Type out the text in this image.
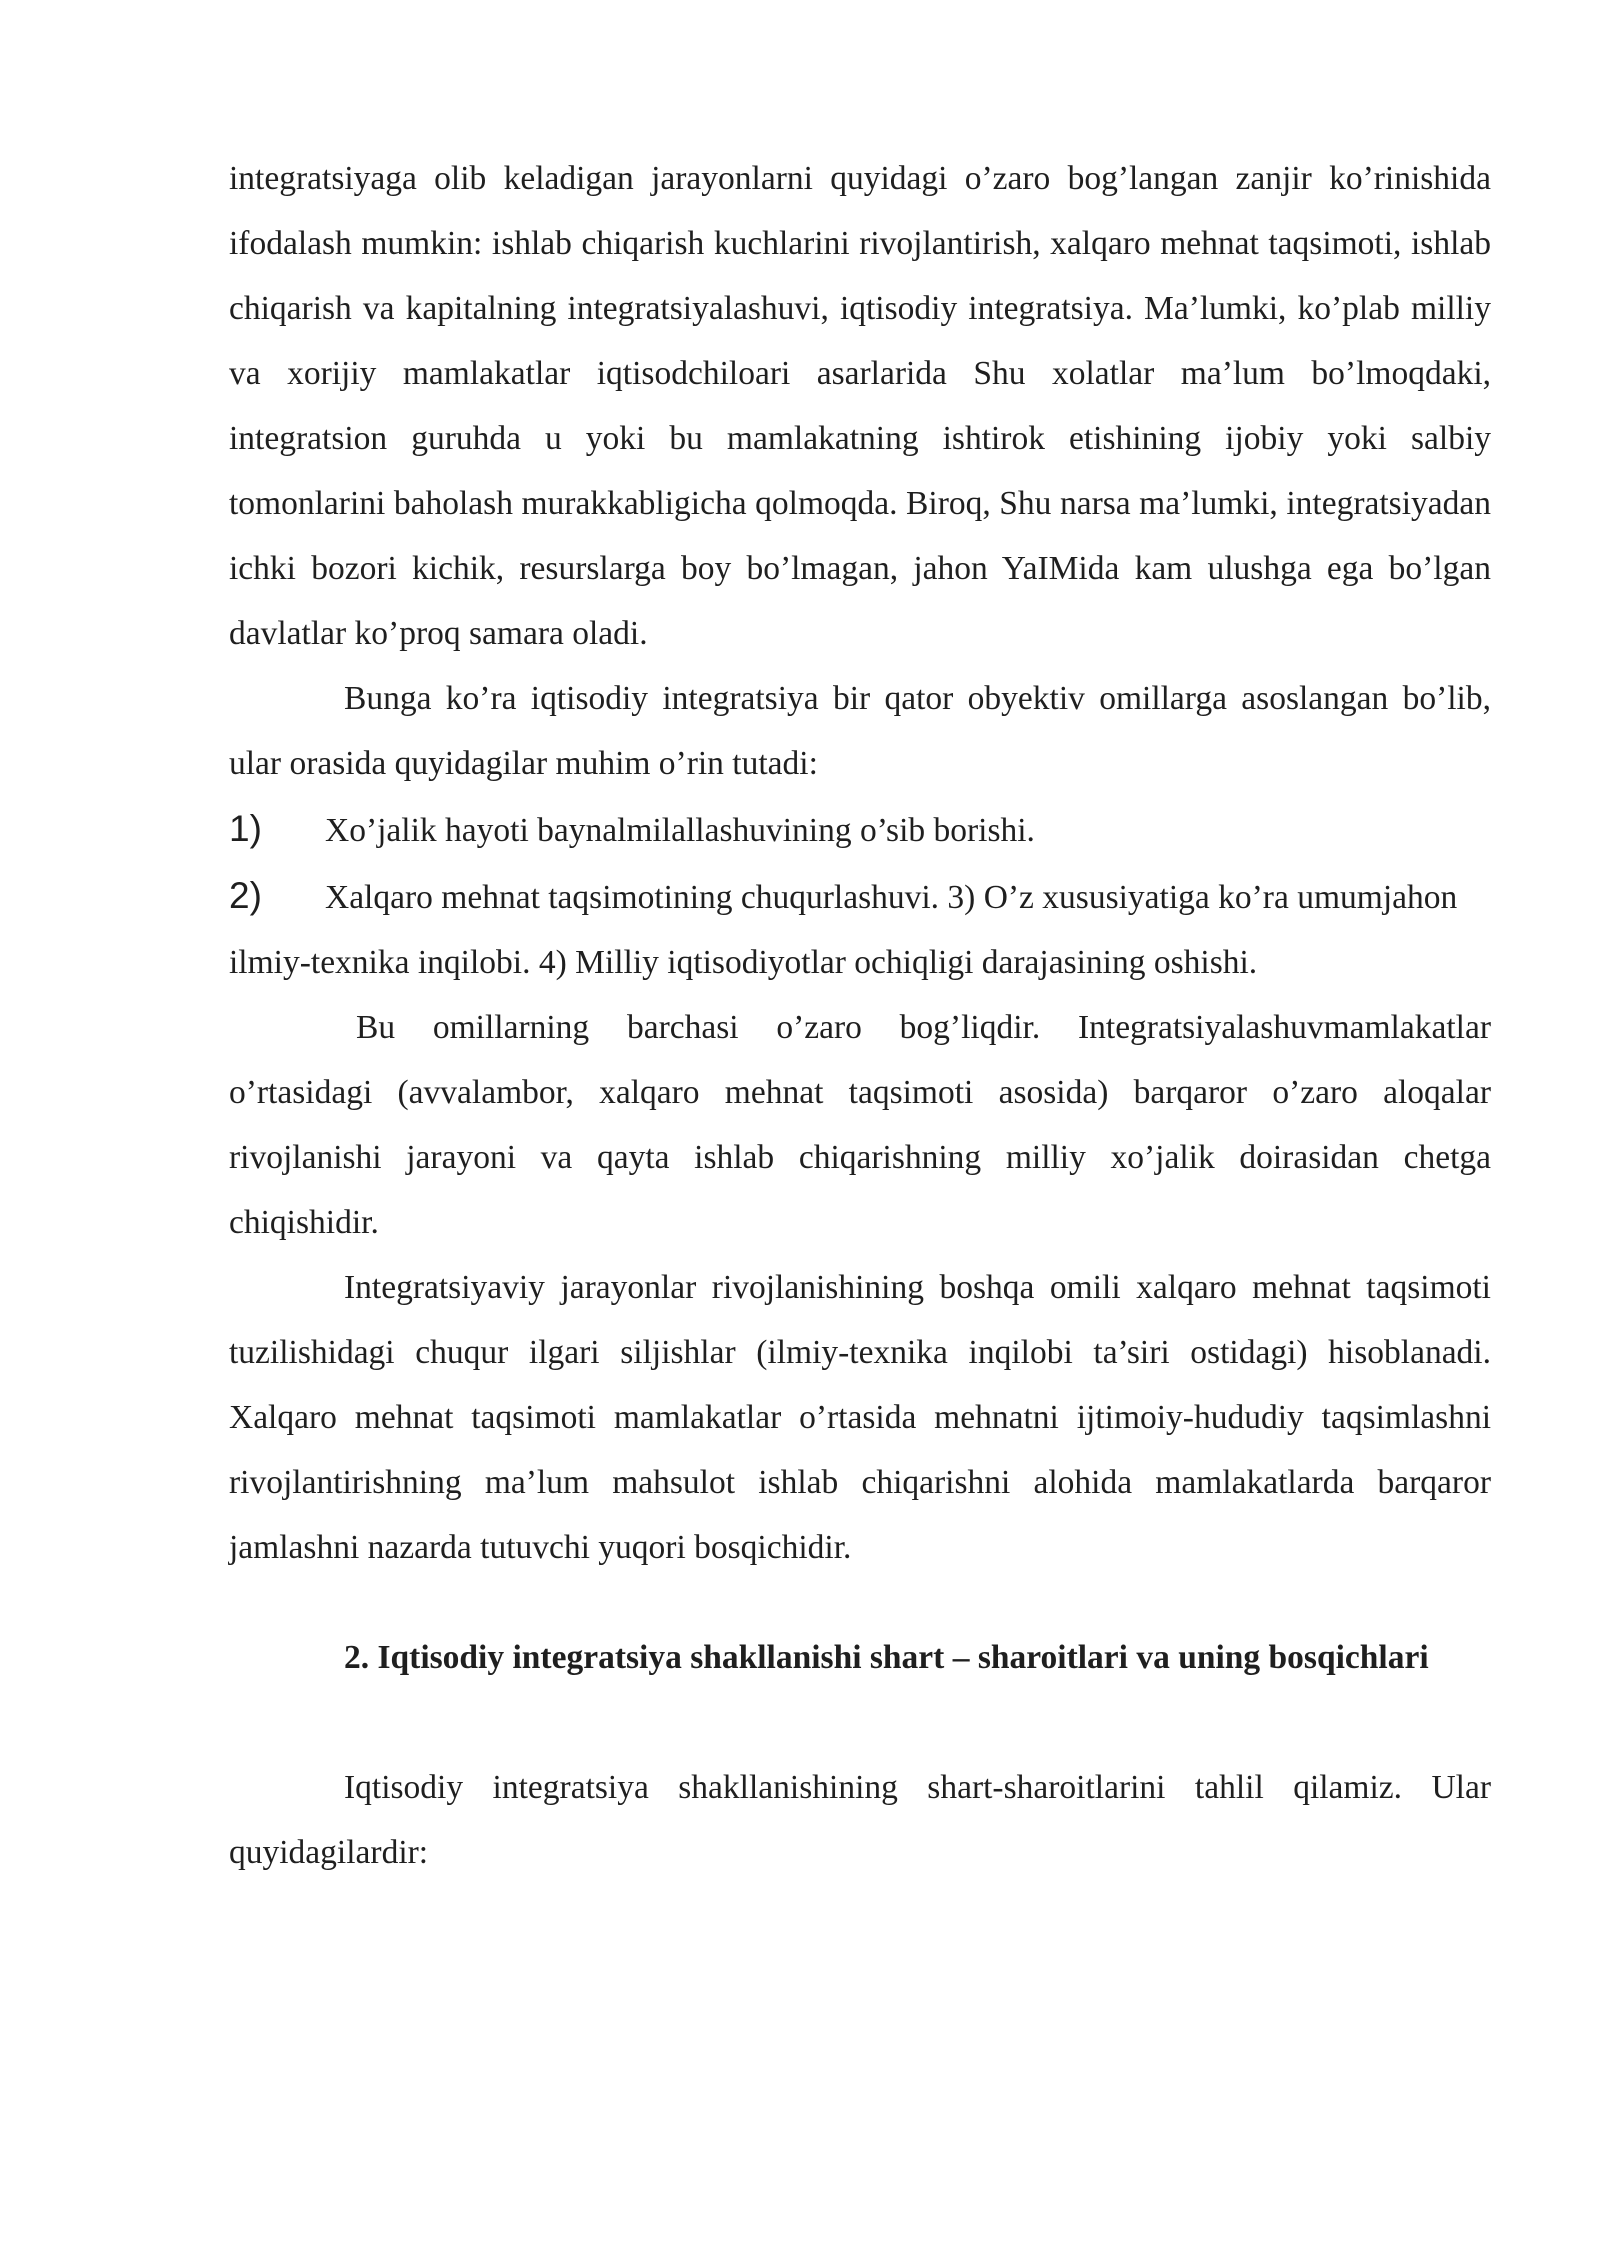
integratsiyaga olib keladigan jarayonlarni quyidagi o’zaro bog’langan zanjir ko’rinishida ifodalash mumkin: ishlab chiqarish kuchlarini rivojlantirish, xalqaro mehnat taqsimoti, ishlab chiqarish va kapitalning integratsiyalashuvi, iqtisodiy integratsiya. Ma’lumki, ko’plab milliy va xorijiy mamlakatlar iqtisodchiloari asarlarida Shu xolatlar ma’lum bo’lmoqdaki, integratsion guruhda u yoki bu mamlakatning ishtirok etishining ijobiy yoki salbiy tomonlarini baholash murakkabligicha qolmoqda. Biroq, Shu narsa ma’lumki, integratsiyadan ichki bozori kichik, resurslarga boy bo’lmagan, jahon YaIMida kam ulushga ega bo’lgan davlatlar ko’proq samara oladi.

Bunga ko’ra iqtisodiy integratsiya bir qator obyektiv omillarga asoslangan bo’lib, ular orasida quyidagilar muhim o’rin tutadi:

1) Xo’jalik hayoti baynalmilallashuvining o’sib borishi.

2) Xalqaro mehnat taqsimotining chuqurlashuvi. 3) O’z xususiyatiga ko’ra umumjahon ilmiy-texnika inqilobi. 4) Milliy iqtisodiyotlar ochiqligi darajasining oshishi.

Bu omillarning barchasi o’zaro bog’liqdir. Integratsiyalashuvmamlakatlar o’rtasidagi (avvalambor, xalqaro mehnat taqsimoti asosida) barqaror o’zaro aloqalar rivojlanishi jarayoni va qayta ishlab chiqarishning milliy xo’jalik doirasidan chetga chiqishidir.

Integratsiyaviy jarayonlar rivojlanishining boshqa omili xalqaro mehnat taqsimoti tuzilishidagi chuqur ilgari siljishlar (ilmiy-texnika inqilobi ta’siri ostidagi) hisoblanadi. Xalqaro mehnat taqsimoti mamlakatlar o’rtasida mehnatni ijtimoiy-hududiy taqsimlashni rivojlantirishning ma’lum mahsulot ishlab chiqarishni alohida mamlakatlarda barqaror jamlashni nazarda tutuvchi yuqori bosqichidir.

2. Iqtisodiy integratsiya shakllanishi shart – sharoitlari va uning bosqichlari

Iqtisodiy integratsiya shakllanishining shart-sharoitlarini tahlil qilamiz. Ular quyidagilardir:
